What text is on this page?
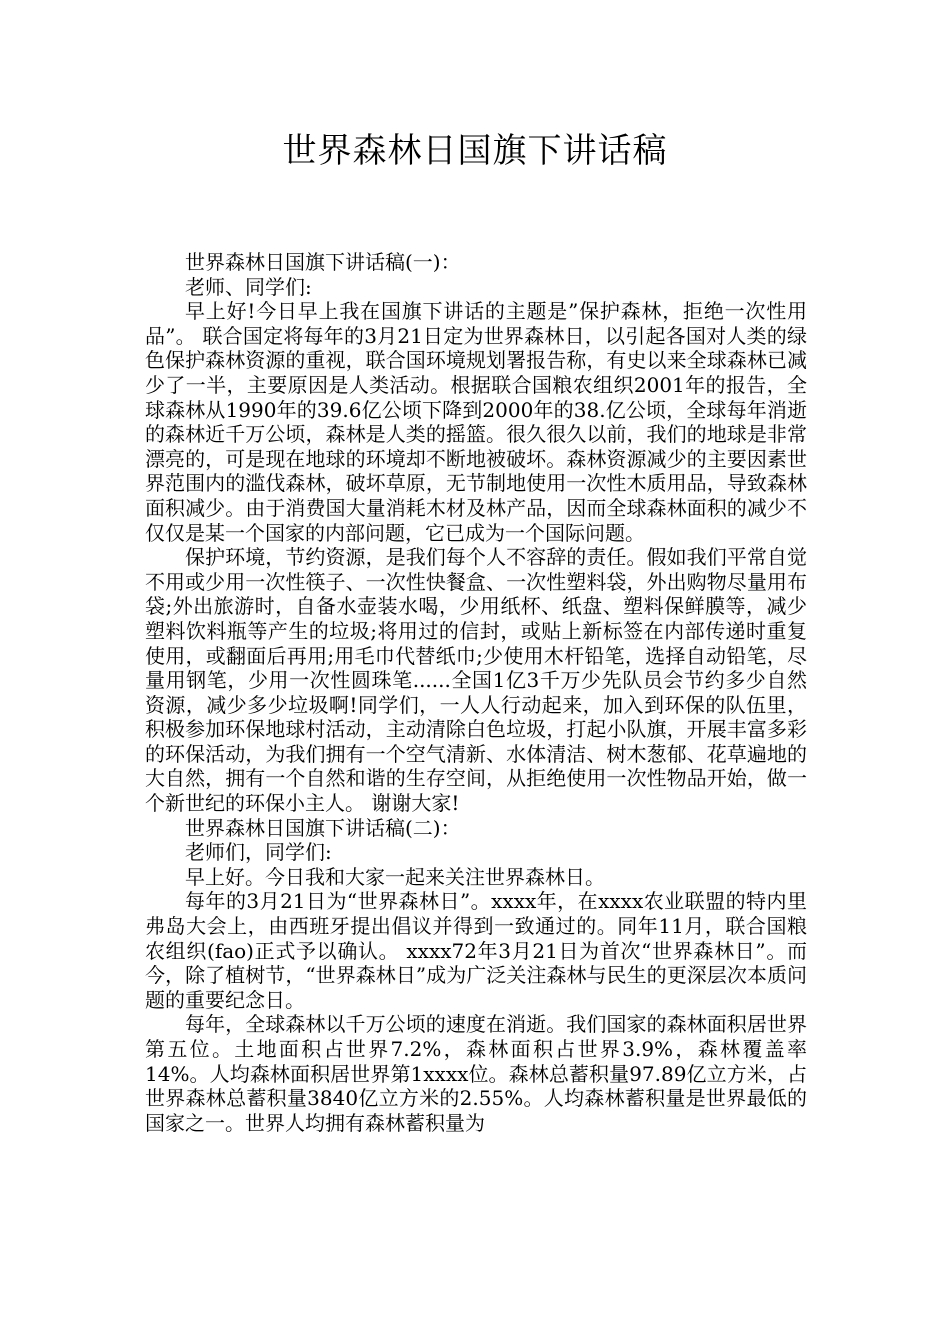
世界森林日国旗下讲话稿

世界森林日国旗下讲话稿(一)：

老师、同学们:

早上好!今日早上我在国旗下讲话的主题是”保护森林，拒绝一次性用品”。 联合国定将每年的3月21日定为世界森林日，以引起各国对人类的绿色保护森林资源的重视，联合国环境规划署报告称，有史以来全球森林已减少了一半，主要原因是人类活动。根据联合国粮农组织2001年的报告，全球森林从1990年的39.6亿公顷下降到2000年的38.亿公顷，全球每年消逝的森林近千万公顷，森林是人类的摇篮。很久很久以前，我们的地球是非常漂亮的，可是现在地球的环境却不断地被破坏。森林资源减少的主要因素世界范围内的滥伐森林，破坏草原，无节制地使用一次性木质用品，导致森林面积减少。由于消费国大量消耗木材及林产品，因而全球森林面积的减少不仅仅是某一个国家的内部问题，它已成为一个国际问题。

保护环境，节约资源，是我们每个人不容辞的责任。假如我们平常自觉不用或少用一次性筷子、一次性快餐盒、一次性塑料袋，外出购物尽量用布袋;外出旅游时，自备水壶装水喝，少用纸杯、纸盘、塑料保鲜膜等，减少塑料饮料瓶等产生的垃圾;将用过的信封，或贴上新标签在内部传递时重复使用，或翻面后再用;用毛巾代替纸巾;少使用木杆铅笔，选择自动铅笔，尽量用钢笔，少用一次性圆珠笔......全国1亿3千万少先队员会节约多少自然资源，减少多少垃圾啊!同学们，一人人行动起来，加入到环保的队伍里，积极参加环保地球村活动，主动清除白色垃圾，打起小队旗，开展丰富多彩的环保活动，为我们拥有一个空气清新、水体清洁、树木葱郁、花草遍地的大自然，拥有一个自然和谐的生存空间，从拒绝使用一次性物品开始，做一个新世纪的环保小主人。 谢谢大家!

世界森林日国旗下讲话稿(二)：

老师们，同学们:

早上好。今日我和大家一起来关注世界森林日。

每年的3月21日为“世界森林日”。xxxx年，在xxxx农业联盟的特内里弗岛大会上，由西班牙提出倡议并得到一致通过的。同年11月，联合国粮农组织(fao)正式予以确认。 xxxx72年3月21日为首次“世界森林日”。而今，除了植树节，“世界森林日”成为广泛关注森林与民生的更深层次本质问题的重要纪念日。

每年，全球森林以千万公顷的速度在消逝。我们国家的森林面积居世界第五位。土地面积占世界7.2%，森林面积占世界3.9%，森林覆盖率14%。人均森林面积居世界第1xxxx位。森林总蓄积量97.89亿立方米，占世界森林总蓄积量3840亿立方米的2.55%。人均森林蓄积量是世界最低的国家之一。世界人均拥有森林蓄积量为
